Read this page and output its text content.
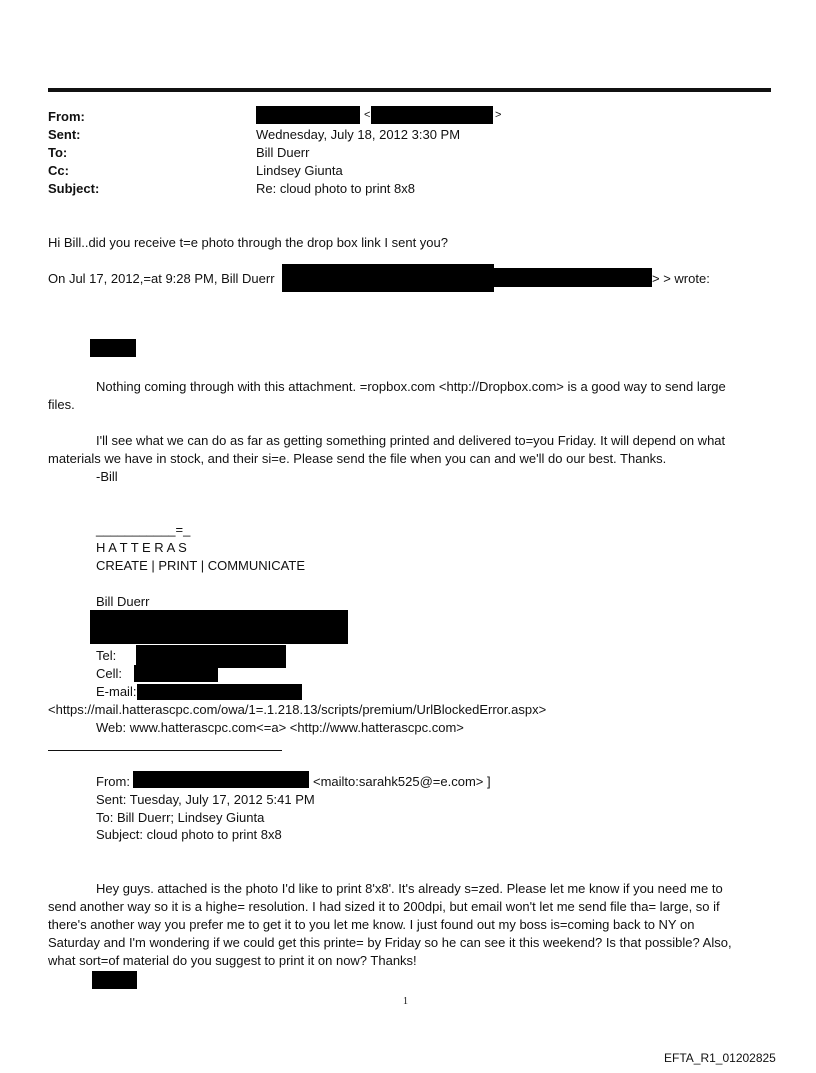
From:	<	>
Sent:	Wednesday, July 18, 2012 3:30 PM
To:	Bill Duerr
Cc:	Lindsey Giunta
Subject:	Re: cloud photo to print 8x8
Hi Bill..did you receive t=e photo through the drop box link I sent you?
On Jul 17, 2012,=at 9:28 PM, Bill Duerr	> > wrote:
Nothing coming through with this attachment. =ropbox.com <http://Dropbox.com> is a good way to send large
files.
I'll see what we can do as far as getting something printed and delivered to=you Friday. It will depend on what
materials we have in stock, and their si=e. Please send the file when you can and we'll do our best. Thanks.
-Bill
___________=_
H A T T E R A S
CREATE | PRINT | COMMUNICATE
Bill Duerr
Tel:
Cell:
E-mail:
<https://mail.hatterascpc.com/owa/1=.1.218.13/scripts/premium/UrlBlockedError.aspx>
Web: www.hatterascpc.com<=a> <http://www.hatterascpc.com>
From:	<mailto:sarahk525@=e.com> ]
Sent: Tuesday, July 17, 2012 5:41 PM
To: Bill Duerr; Lindsey Giunta
Subject: cloud photo to print 8x8
Hey guys. attached is the photo I'd like to print 8'x8'. It's already s=zed. Please let me know if you need me to
send another way so it is a highe= resolution. I had sized it to 200dpi, but email won't let me send file tha= large, so if
there's another way you prefer me to get it to you let me know. I just found out my boss is=coming back to NY on
Saturday and I'm wondering if we could get this printe= by Friday so he can see it this weekend? Is that possible? Also,
what sort=of material do you suggest to print it on now? Thanks!
1
EFTA_R1_01202825
